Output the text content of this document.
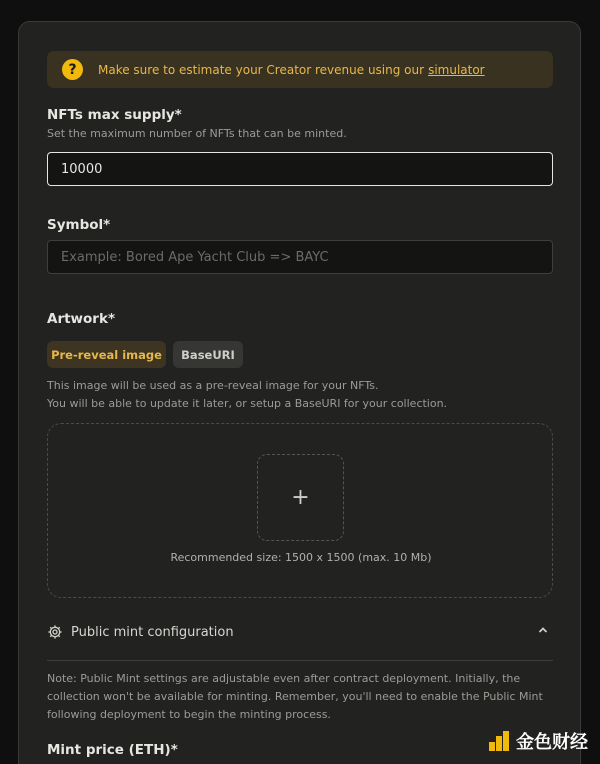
?	Make sure to estimate your Creator revenue using our simulator
NFTs max supply*
Set the maximum number of NFTs that can be minted.
10000
Symbol*
Example: Bored Ape Yacht Club => BAYC
Artwork*
Pre-reveal image	BaseURI
This image will be used as a pre-reveal image for your NFTs.
You will be able to update it later, or setup a BaseURI for your collection.
+
Recommended size: 1500 x 1500 (max. 10 Mb)
Public mint configuration
Note: Public Mint settings are adjustable even after contract deployment. Initially, the
collection won't be available for minting. Remember, you'll need to enable the Public Mint
following deployment to begin the minting process.
Mint price (ETH)*	金色财经
